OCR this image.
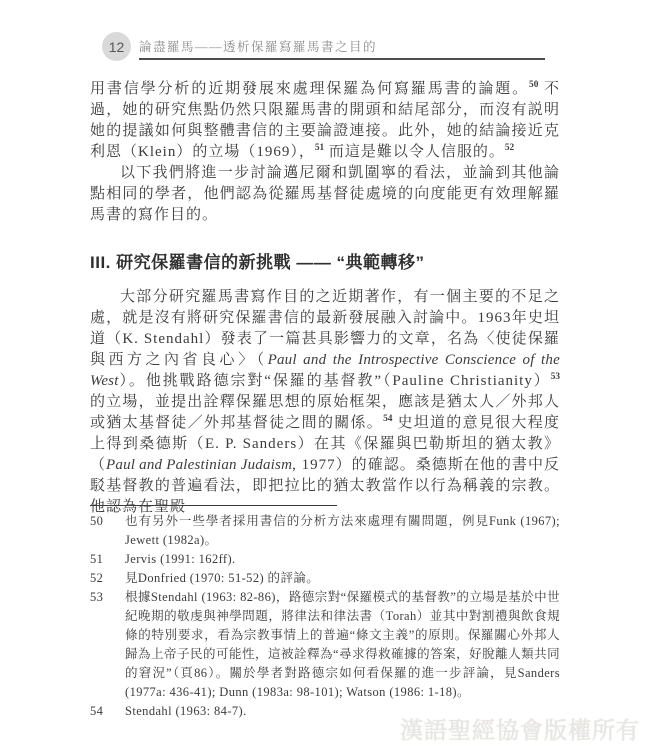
12 論盡羅馬——透析保羅寫羅馬書之目的

用書信學分析的近期發展來處理保羅為何寫羅馬書的論題。$^{50}$ 不過，她的研究焦點仍然只限羅馬書的開頭和結尾部分，而沒有説明她的提議如何與整體書信的主要論證連接。此外，她的結論接近克利恩（Klein）的立場（1969），$^{51}$ 而這是難以令人信服的。$^{52}$

以下我們將進一步討論邁尼爾和凱圍寧的看法，並論到其他論點相同的學者，他們認為從羅馬基督徒處境的向度能更有效理解羅馬書的寫作目的。

III. 研究保羅書信的新挑戰 —— “典範轉移”

大部分研究羅馬書寫作目的之近期著作，有一個主要的不足之處，就是沒有將研究保羅書信的最新發展融入討論中。1963年史坦道（K. Stendahl）發表了一篇甚具影響力的文章，名為〈使徒保羅與西方之內省良心〉（Paul and the Introspective Conscience of the West）。他挑戰路德宗對“保羅的基督教”（Pauline Christianity）$^{53}$ 的立場，並提出詮釋保羅思想的原始框架，應該是猶太人／外邦人或猶太基督徒／外邦基督徒之間的關係。$^{54}$ 史坦道的意見很大程度上得到桑德斯（E. P. Sanders）在其《保羅與巴勒斯坦的猶太教》（Paul and Palestinian Judaism, 1977）的確認。桑德斯在他的書中反駁基督教的普遍看法，即把拉比的猶太教當作以行為稱義的宗教。他認為在聖殿

50	也有另外一些學者採用書信的分析方法來處理有關問題，例見Funk (1967); Jewett (1982a)。
51	Jervis (1991: 162ff).
52	見Donfried (1970: 51-52) 的評論。
53	根據Stendahl (1963: 82-86)，路德宗對“保羅模式的基督教”的立場是基於中世紀晚期的敬虔與神學問題，將律法和律法書（Torah）並其中對割禮與飲食規條的特別要求，看為宗教事情上的普遍“條文主義”的原則。保羅關心外邦人歸為上帝子民的可能性，這被詮釋為“尋求得救確據的答案，好脫離人類共同的窘況”（頁86）。關於學者對路德宗如何看保羅的進一步評論，見Sanders (1977a: 436-41); Dunn (1983a: 98-101); Watson (1986: 1-18)。
54	Stendahl (1963: 84-7).
漢語聖經協會版權所有
